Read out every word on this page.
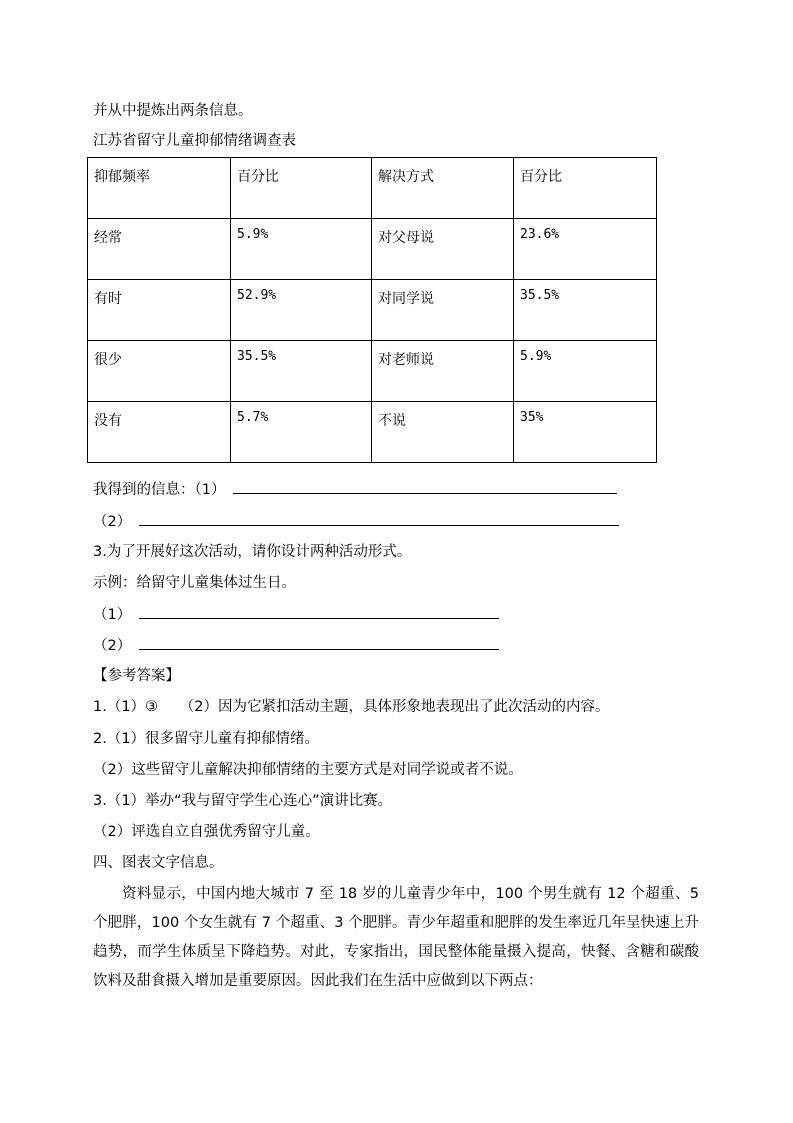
并从中提炼出两条信息。
江苏省留守儿童抑郁情绪调查表
抑郁频率	百分比	解决方式	百分比
经常	5.9%	对父母说	23.6%
有时	52.9%	对同学说	35.5%
很少	35.5%	对老师说	5.9%
没有	5.7%	不说	35%
我得到的信息：（1）
（2）
3.为了开展好这次活动，请你设计两种活动形式。
示例：给留守儿童集体过生日。
（1）
（2）
【参考答案】
1.（1）③　　（2）因为它紧扣活动主题，具体形象地表现出了此次活动的内容。
2.（1）很多留守儿童有抑郁情绪。
（2）这些留守儿童解决抑郁情绪的主要方式是对同学说或者不说。
3.（1）举办“我与留守学生心连心”演讲比赛。
（2）评选自立自强优秀留守儿童。
四、图表文字信息。
资料显示，中国内地大城市 7 至 18 岁的儿童青少年中，100 个男生就有 12 个超重、5 个肥胖，100 个女生就有 7 个超重、3 个肥胖。青少年超重和肥胖的发生率近几年呈快速上升趋势，而学生体质呈下降趋势。对此，专家指出，国民整体能量摄入提高，快餐、含糖和碳酸饮料及甜食摄入增加是重要原因。因此我们在生活中应做到以下两点：
